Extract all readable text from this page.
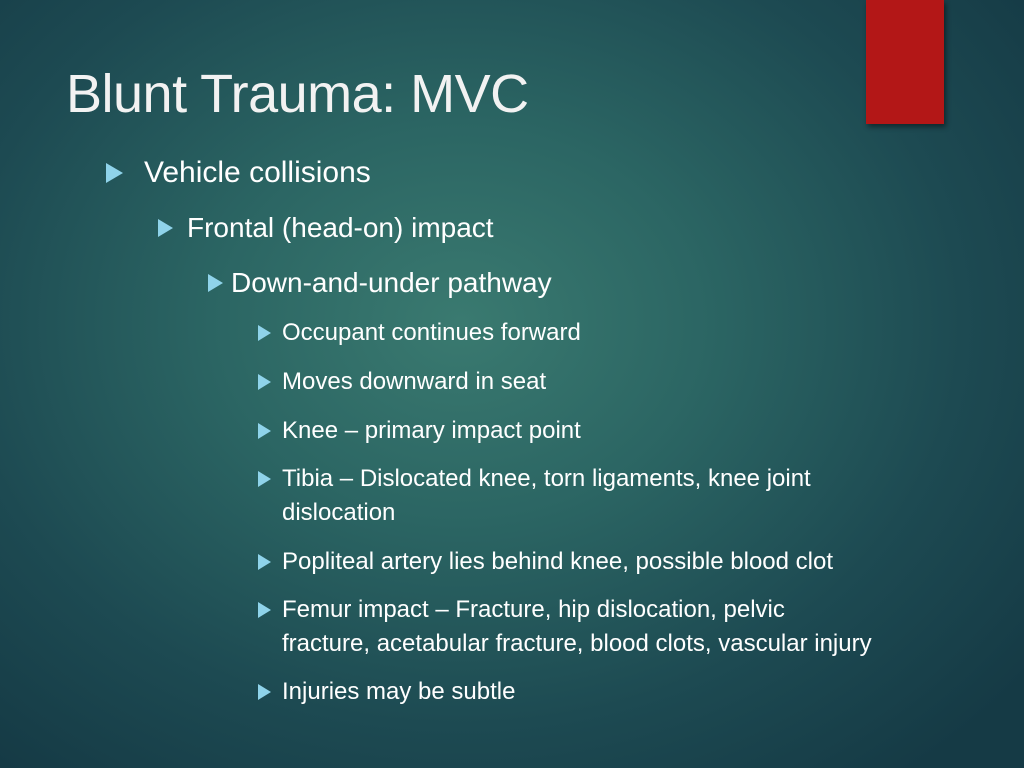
Blunt Trauma: MVC
Vehicle collisions
Frontal (head-on) impact
Down-and-under pathway
Occupant continues forward
Moves downward in seat
Knee – primary impact point
Tibia – Dislocated knee, torn ligaments, knee joint
dislocation
Popliteal artery lies behind knee, possible blood clot
Femur impact – Fracture, hip dislocation, pelvic
fracture, acetabular fracture, blood clots, vascular injury
Injuries may be subtle
